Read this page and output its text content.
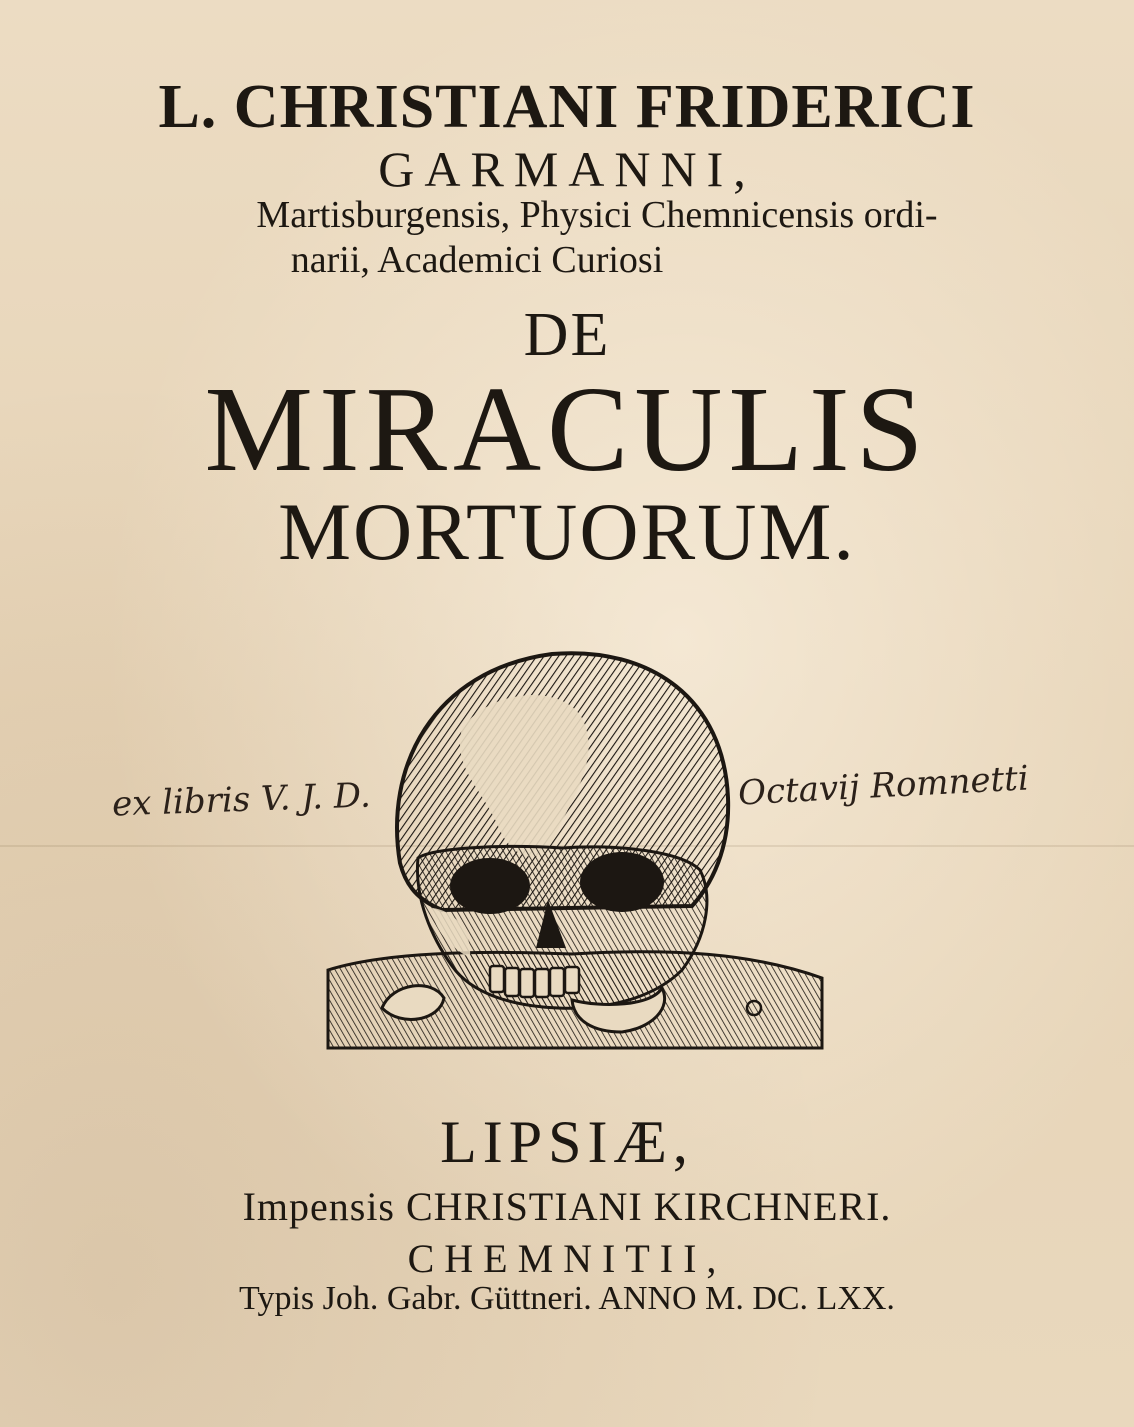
L. CHRISTIANI FRIDERICI
GARMANNI,
Martisburgensis, Physici Chemnicensis ordi-
narii, Academici Curiosi
DE
MIRACULIS
MORTUORUM.
ex libris V. J. D.	Octavij Romnetti
LIPSIÆ,
Impensis CHRISTIANI KIRCHNERI.
CHEMNITII,
Typis Joh. Gabr. Güttneri. ANNO M. DC. LXX.
